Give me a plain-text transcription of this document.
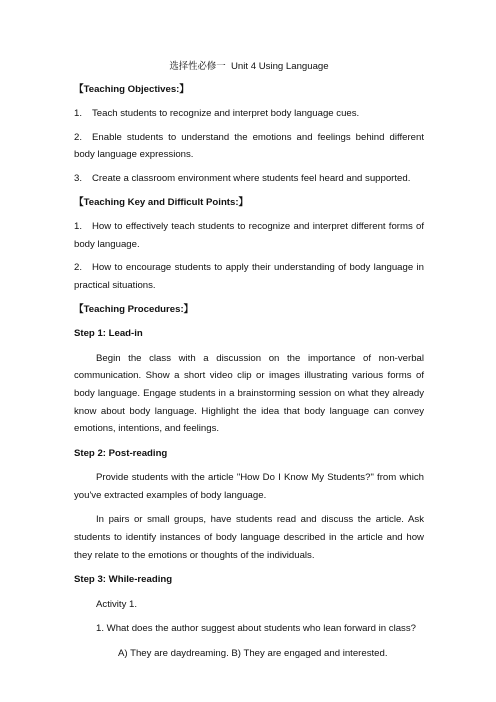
选择性必修一 Unit 4 Using Language
【Teaching Objectives:】
1.	Teach students to recognize and interpret body language cues.
2. Enable students to understand the emotions and feelings behind different body language expressions.
3.	Create a classroom environment where students feel heard and supported.
【Teaching Key and Difficult Points:】
1. How to effectively teach students to recognize and interpret different forms of body language.
2. How to encourage students to apply their understanding of body language in practical situations.
【Teaching Procedures:】
Step 1: Lead-in
Begin the class with a discussion on the importance of non-verbal communication. Show a short video clip or images illustrating various forms of body language. Engage students in a brainstorming session on what they already know about body language. Highlight the idea that body language can convey emotions, intentions, and feelings.
Step 2: Post-reading
Provide students with the article "How Do I Know My Students?" from which you've extracted examples of body language.
In pairs or small groups, have students read and discuss the article. Ask students to identify instances of body language described in the article and how they relate to the emotions or thoughts of the individuals.
Step 3: While-reading
Activity 1.
1. What does the author suggest about students who lean forward in class?
A) They are daydreaming. B) They are engaged and interested.
